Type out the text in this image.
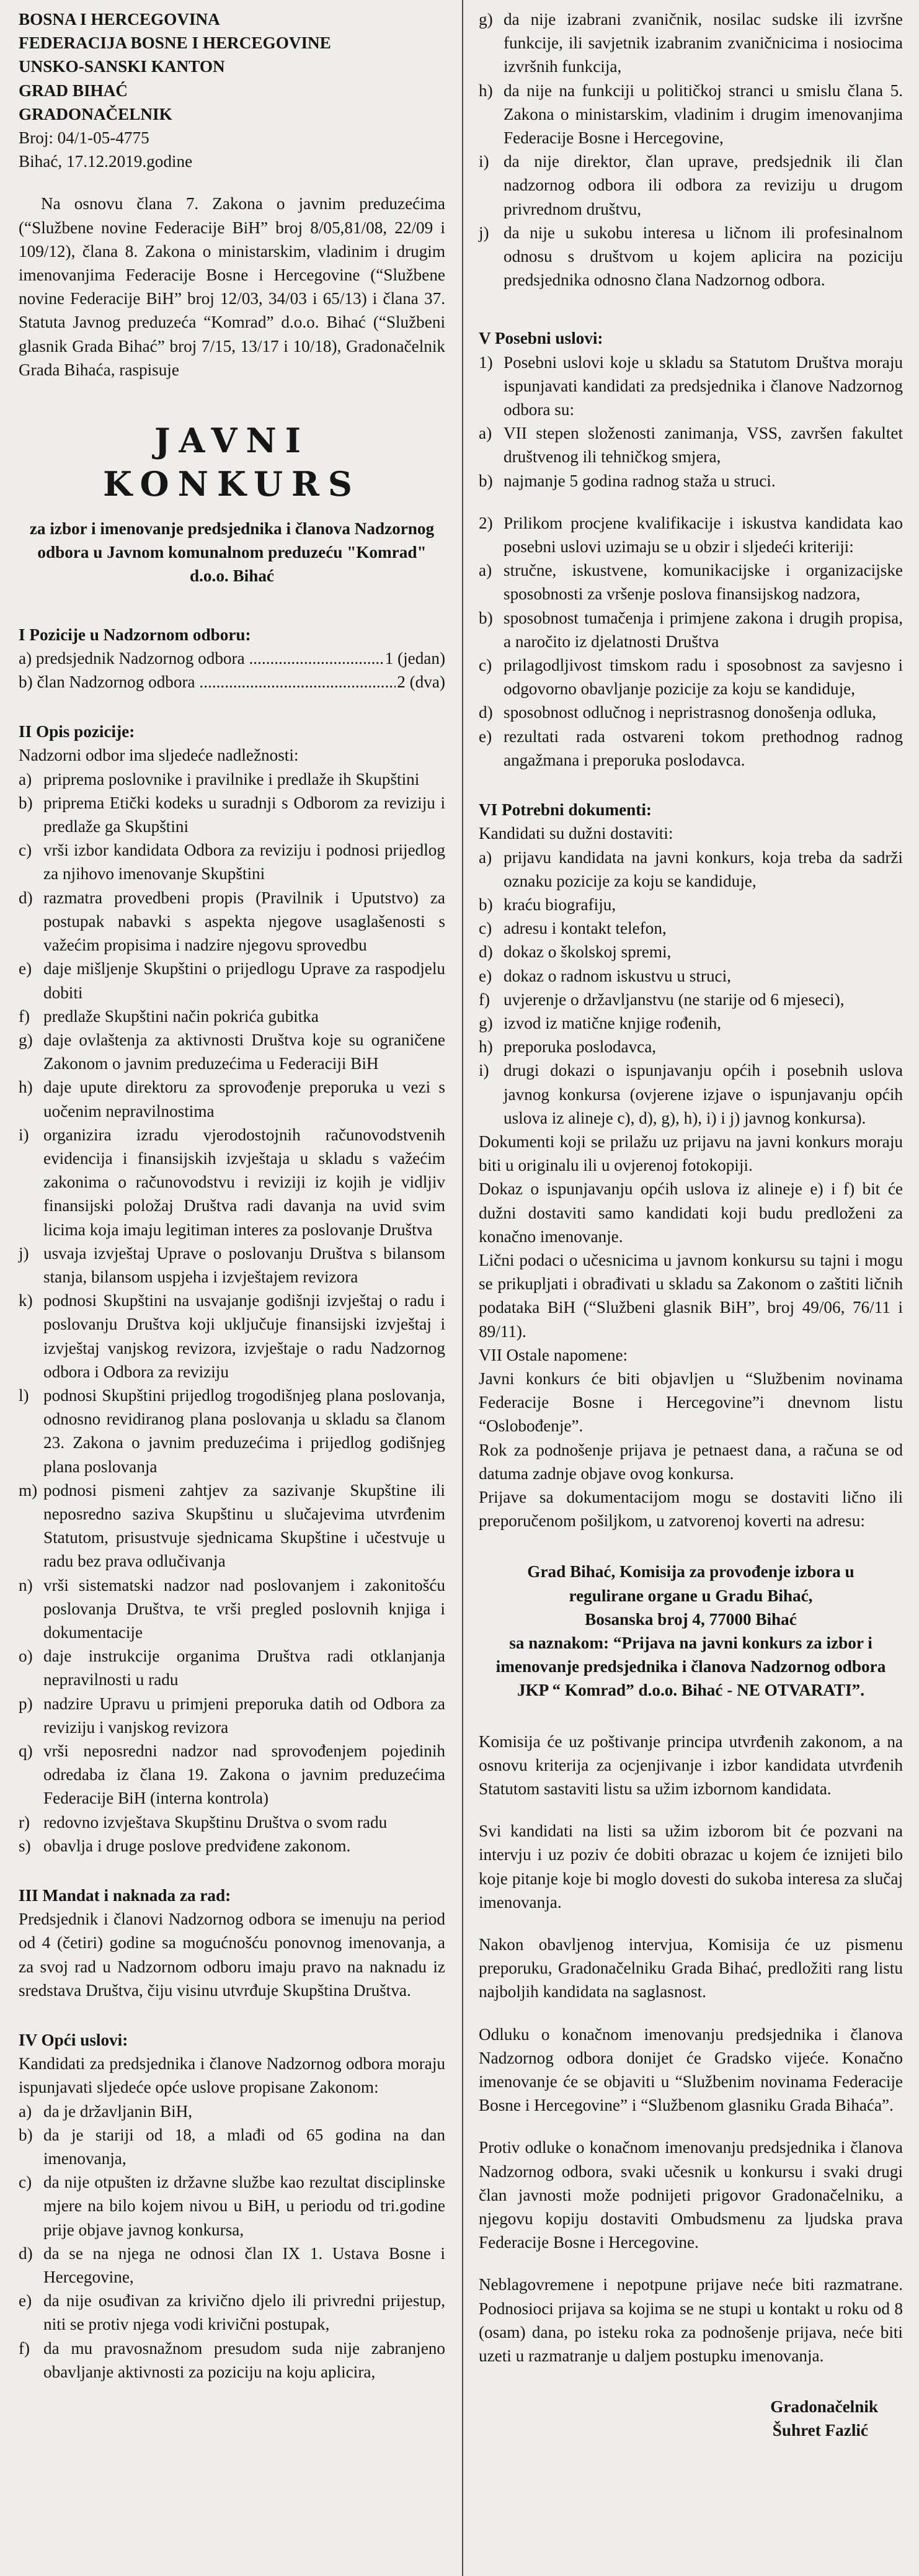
BOSNA I HERCEGOVINA

FEDERACIJA BOSNE I HERCEGOVINE

UNSKO-SANSKI KANTON

GRAD BIHAĆ

GRADONAČELNIK

Broj: 04/1-05-4775

Bihać, 17.12.2019.godine

Na osnovu člana 7. Zakona o javnim preduzećima (“Službene novine Federacije BiH” broj 8/05,81/08, 22/09 i 109/12), člana 8. Zakona o ministarskim, vladinim i drugim imenovanjima Federacije Bosne i Hercegovine (“Službene novine Federacije BiH” broj 12/03, 34/03 i 65/13) i člana 37. Statuta Javnog preduzeća “Komrad” d.o.o. Bihać (“Službeni glasnik Grada Bihać” broj 7/15, 13/17 i 10/18), Gradonačelnik Grada Bihaća, raspisuje

JAVNI KONKURS

za izbor i imenovanje predsjednika i članova Nadzornog odbora u Javnom komunalnom preduzeću "Komrad" d.o.o. Bihać

I Pozicije u Nadzornom odboru:

a) predsjednik Nadzornog odbora .....	1 (jedan)
b) član Nadzornog odbora .....	2 (dva)

II Opis pozicije:

Nadzorni odbor ima sljedeće nadležnosti:

a) priprema poslovnike i pravilnike i predlaže ih Skupštini
b) priprema Etički kodeks u suradnji s Odborom za reviziju i predlaže ga Skupštini
c) vrši izbor kandidata Odbora za reviziju i podnosi prijedlog za njihovo imenovanje Skupštini
d) razmatra provedbeni propis (Pravilnik i Uputstvo) za postupak nabavki s aspekta njegove usaglašenosti s važećim propisima i nadzire njegovu sprovedbu
e) daje mišljenje Skupštini o prijedlogu Uprave za raspodjelu dobiti
f) predlaže Skupštini način pokrića gubitka
g) daje ovlaštenja za aktivnosti Društva koje su ograničene Zakonom o javnim preduzećima u Federaciji BiH
h) daje upute direktoru za sprovođenje preporuka u vezi s uočenim nepravilnostima
i) organizira izradu vjerodostojnih računovodstvenih evidencija i finansijskih izvještaja u skladu s važećim zakonima o računovodstvu i reviziji iz kojih je vidljiv finansijski položaj Društva radi davanja na uvid svim licima koja imaju legitiman interes za poslovanje Društva
j) usvaja izvještaj Uprave o poslovanju Društva s bilansom stanja, bilansom uspjeha i izvještajem revizora
k) podnosi Skupštini na usvajanje godišnji izvještaj o radu i poslovanju Društva koji uključuje finansijski izvještaj i izvještaj vanjskog revizora, izvještaje o radu Nadzornog odbora i Odbora za reviziju
l) podnosi Skupštini prijedlog trogodišnjeg plana poslovanja, odnosno revidiranog plana poslovanja u skladu sa članom 23. Zakona o javnim preduzećima i prijedlog godišnjeg plana poslovanja
m) podnosi pismeni zahtjev za sazivanje Skupštine ili neposredno saziva Skupštinu u slučajevima utvrđenim Statutom, prisustvuje sjednicama Skupštine i učestvuje u radu bez prava odlučivanja
n) vrši sistematski nadzor nad poslovanjem i zakonitošću poslovanja Društva, te vrši pregled poslovnih knjiga i dokumentacije
o) daje instrukcije organima Društva radi otklanjanja nepravilnosti u radu
p) nadzire Upravu u primjeni preporuka datih od Odbora za reviziju i vanjskog revizora
q) vrši neposredni nadzor nad sprovođenjem pojedinih odredaba iz člana 19. Zakona o javnim preduzećima Federacije BiH (interna kontrola)
r) redovno izvještava Skupštinu Društva o svom radu
s) obavlja i druge poslove predviđene zakonom.

III Mandat i naknada za rad:

Predsjednik i članovi Nadzornog odbora se imenuju na period od 4 (četiri) godine sa mogućnošću ponovnog imenovanja, a za svoj rad u Nadzornom odboru imaju pravo na naknadu iz sredstava Društva, čiju visinu utvrđuje Skupština Društva.

IV Opći uslovi:

Kandidati za predsjednika i članove Nadzornog odbora moraju ispunjavati sljedeće opće uslove propisane Zakonom:

a) da je državljanin BiH,
b) da je stariji od 18, a mlađi od 65 godina na dan imenovanja,
c) da nije otpušten iz državne službe kao rezultat disciplinske mjere na bilo kojem nivou u BiH, u periodu od tri.godine prije objave javnog konkursa,
d) da se na njega ne odnosi član IX 1. Ustava Bosne i Hercegovine,
e) da nije osuđivan za krivično djelo ili privredni prijestup, niti se protiv njega vodi krivični postupak,
f) da mu pravosnažnom presudom suda nije zabranjeno obavljanje aktivnosti za poziciju na koju aplicira,
g) da nije izabrani zvaničnik, nosilac sudske ili izvršne funkcije, ili savjetnik izabranim zvaničnicima i nosiocima izvršnih funkcija,
h) da nije na funkciji u političkoj stranci u smislu člana 5. Zakona o ministarskim, vladinim i drugim imenovanjima Federacije Bosne i Hercegovine,
i) da nije direktor, član uprave, predsjednik ili član nadzornog odbora ili odbora za reviziju u drugom privrednom društvu,
j) da nije u sukobu interesa u ličnom ili profesinalnom odnosu s društvom u kojem aplicira na poziciju predsjednika odnosno člana Nadzornog odbora.

V Posebni uslovi:

1) Posebni uslovi koje u skladu sa Statutom Društva moraju ispunjavati kandidati za predsjednika i članove Nadzornog odbora su:
a) VII stepen složenosti zanimanja, VSS, završen fakultet društvenog ili tehničkog smjera,
b) najmanje 5 godina radnog staža u struci.
2) Prilikom procjene kvalifikacije i iskustva kandidata kao posebni uslovi uzimaju se u obzir i sljedeći kriteriji:
a) stručne, iskustvene, komunikacijske i organizacijske sposobnosti za vršenje poslova finansijskog nadzora,
b) sposobnost tumačenja i primjene zakona i drugih propisa, a naročito iz djelatnosti Društva
c) prilagodljivost timskom radu i sposobnost za savjesno i odgovorno obavljanje pozicije za koju se kandiduje,
d) sposobnost odlučnog i nepristrasnog donošenja odluka,
e) rezultati rada ostvareni tokom prethodnog radnog angažmana i preporuka poslodavca.

VI Potrebni dokumenti:

Kandidati su dužni dostaviti:

a) prijavu kandidata na javni konkurs, koja treba da sadrži oznaku pozicije za koju se kandiduje,
b) kraću biografiju,
c) adresu i kontakt telefon,
d) dokaz o školskoj spremi,
e) dokaz o radnom iskustvu u struci,
f) uvjerenje o državljanstvu (ne starije od 6 mjeseci),
g) izvod iz matične knjige rođenih,
h) preporuka poslodavca,
i) drugi dokazi o ispunjavanju općih i posebnih uslova javnog konkursa (ovjerene izjave o ispunjavanju općih uslova iz alineje c), d), g), h), i) i j) javnog konkursa).

Dokumenti koji se prilažu uz prijavu na javni konkurs moraju biti u originalu ili u ovjerenoj fotokopiji.

Dokaz o ispunjavanju općih uslova iz alineje e) i f) bit će dužni dostaviti samo kandidati koji budu predloženi za konačno imenovanje.

Lični podaci o učesnicima u javnom konkursu su tajni i mogu se prikupljati i obrađivati u skladu sa Zakonom o zaštiti ličnih podataka BiH (“Službeni glasnik BiH”, broj 49/06, 76/11 i 89/11).

VII Ostale napomene:

Javni konkurs će biti objavljen u “Službenim novinama Federacije Bosne i Hercegovine”i dnevnom listu “Oslobođenje”.

Rok za podnošenje prijava je petnaest dana, a računa se od datuma zadnje objave ovog konkursa.

Prijave sa dokumentacijom mogu se dostaviti lično ili preporučenom pošiljkom, u zatvorenoj koverti na adresu:

Grad Bihać, Komisija za provođenje izbora u

regulirane organe u Gradu Bihać,

Bosanska broj 4, 77000 Bihać

sa naznakom: “Prijava na javni konkurs za izbor i imenovanje predsjednika i članova Nadzornog odbora JKP “ Komrad” d.o.o. Bihać - NE OTVARATI”.

Komisija će uz poštivanje principa utvrđenih zakonom, a na osnovu kriterija za ocjenjivanje i izbor kandidata utvrđenih Statutom sastaviti listu sa užim izbornom kandidata.

Svi kandidati na listi sa užim izborom bit će pozvani na intervju i uz poziv će dobiti obrazac u kojem će iznijeti bilo koje pitanje koje bi moglo dovesti do sukoba interesa za slučaj imenovanja.

Nakon obavljenog intervjua, Komisija će uz pismenu preporuku, Gradonačelniku Grada Bihać, predložiti rang listu najboljih kandidata na saglasnost.

Odluku o konačnom imenovanju predsjednika i članova Nadzornog odbora donijet će Gradsko vijeće. Konačno imenovanje će se objaviti u “Službenim novinama Federacije Bosne i Hercegovine” i “Službenom glasniku Grada Bihaća”.

Protiv odluke o konačnom imenovanju predsjednika i članova Nadzornog odbora, svaki učesnik u konkursu i svaki drugi član javnosti može podnijeti prigovor Gradonačelniku, a njegovu kopiju dostaviti Ombudsmenu za ljudska prava Federacije Bosne i Hercegovine.

Neblagovremene i nepotpune prijave neće biti razmatrane. Podnosioci prijava sa kojima se ne stupi u kontakt u roku od 8 (osam) dana, po isteku roka za podnošenje prijava, neće biti uzeti u razmatranje u daljem postupku imenovanja.

Gradonačelnik

Šuhret Fazlić
